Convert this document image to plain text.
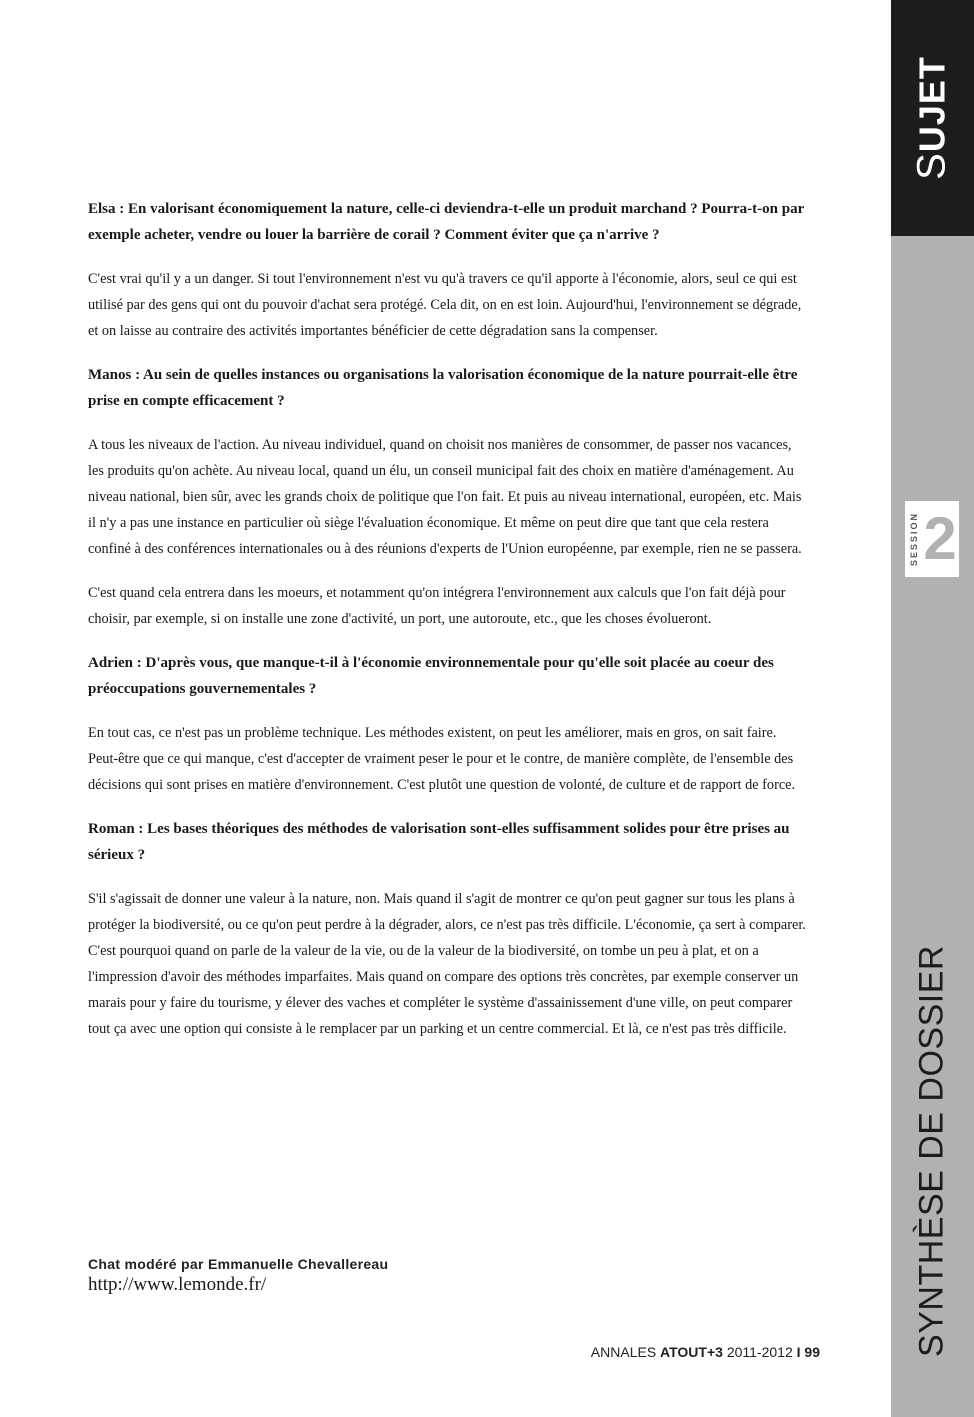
SUJET
SESSION 2
SYNTHÈSE DE DOSSIER

Elsa : En valorisant économiquement la nature, celle-ci deviendra-t-elle un produit marchand ? Pourra-t-on par exemple acheter, vendre ou louer la barrière de corail ? Comment éviter que ça n'arrive ?

C'est vrai qu'il y a un danger. Si tout l'environnement n'est vu qu'à travers ce qu'il apporte à l'économie, alors, seul ce qui est utilisé par des gens qui ont du pouvoir d'achat sera protégé. Cela dit, on en est loin. Aujourd'hui, l'environnement se dégrade, et on laisse au contraire des activités importantes bénéficier de cette dégradation sans la compenser.

Manos : Au sein de quelles instances ou organisations la valorisation économique de la nature pourrait-elle être prise en compte efficacement ?

A tous les niveaux de l'action. Au niveau individuel, quand on choisit nos manières de consommer, de passer nos vacances, les produits qu'on achète. Au niveau local, quand un élu, un conseil municipal fait des choix en matière d'aménagement. Au niveau national, bien sûr, avec les grands choix de politique que l'on fait. Et puis au niveau international, européen, etc. Mais il n'y a pas une instance en particulier où siège l'évaluation économique. Et même on peut dire que tant que cela restera confiné à des conférences internationales ou à des réunions d'experts de l'Union européenne, par exemple, rien ne se passera.

C'est quand cela entrera dans les moeurs, et notamment qu'on intégrera l'environnement aux calculs que l'on fait déjà pour choisir, par exemple, si on installe une zone d'activité, un port, une autoroute, etc., que les choses évolueront.

Adrien : D'après vous, que manque-t-il à l'économie environnementale pour qu'elle soit placée au coeur des préoccupations gouvernementales ?

En tout cas, ce n'est pas un problème technique. Les méthodes existent, on peut les améliorer, mais en gros, on sait faire. Peut-être que ce qui manque, c'est d'accepter de vraiment peser le pour et le contre, de manière complète, de l'ensemble des décisions qui sont prises en matière d'environnement. C'est plutôt une question de volonté, de culture et de rapport de force.

Roman : Les bases théoriques des méthodes de valorisation sont-elles suffisamment solides pour être prises au sérieux ?

S'il s'agissait de donner une valeur à la nature, non. Mais quand il s'agit de montrer ce qu'on peut gagner sur tous les plans à protéger la biodiversité, ou ce qu'on peut perdre à la dégrader, alors, ce n'est pas très difficile. L'économie, ça sert à comparer. C'est pourquoi quand on parle de la valeur de la vie, ou de la valeur de la biodiversité, on tombe un peu à plat, et on a l'impression d'avoir des méthodes imparfaites. Mais quand on compare des options très concrètes, par exemple conserver un marais pour y faire du tourisme, y élever des vaches et compléter le système d'assainissement d'une ville, on peut comparer tout ça avec une option qui consiste à le remplacer par un parking et un centre commercial. Et là, ce n'est pas très difficile.

Chat modéré par Emmanuelle Chevallereau
http://www.lemonde.fr/
ANNALES ATOUT+3 2011-2012 I 99
